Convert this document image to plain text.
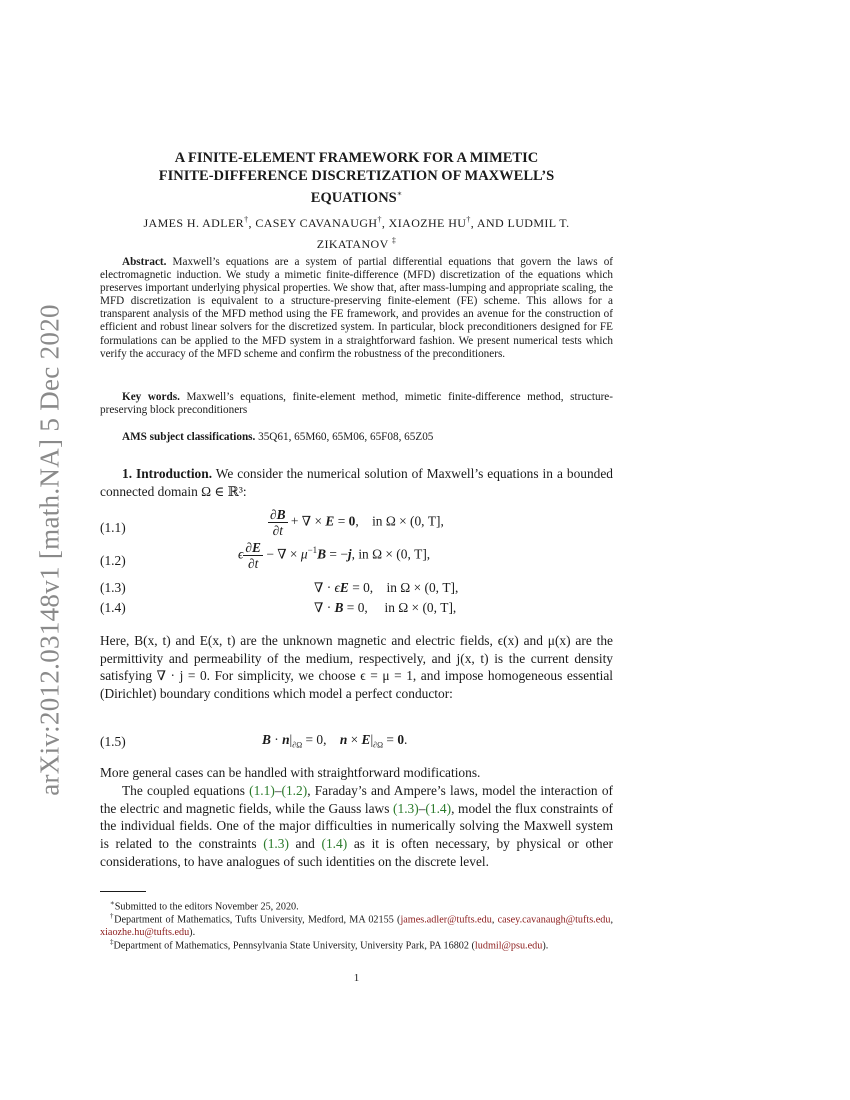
arXiv:2012.03148v1 [math.NA] 5 Dec 2020
A FINITE-ELEMENT FRAMEWORK FOR A MIMETIC
FINITE-DIFFERENCE DISCRETIZATION OF MAXWELL’S
EQUATIONS∗
JAMES H. ADLER†, CASEY CAVANAUGH†, XIAOZHE HU†, AND LUDMIL T.
ZIKATANOV ‡
Abstract. Maxwell’s equations are a system of partial differential equations that govern the laws of electromagnetic induction. We study a mimetic finite-difference (MFD) discretization of the equations which preserves important underlying physical properties. We show that, after mass-lumping and appropriate scaling, the MFD discretization is equivalent to a structure-preserving finite-element (FE) scheme. This allows for a transparent analysis of the MFD method using the FE framework, and provides an avenue for the construction of efficient and robust linear solvers for the discretized system. In particular, block preconditioners designed for FE formulations can be applied to the MFD system in a straightforward fashion. We present numerical tests which verify the accuracy of the MFD scheme and confirm the robustness of the preconditioners.
Key words. Maxwell’s equations, finite-element method, mimetic finite-difference method, structure-preserving block preconditioners
AMS subject classifications. 35Q61, 65M60, 65M06, 65F08, 65Z05
1. Introduction. We consider the numerical solution of Maxwell’s equations in a bounded connected domain Ω ∈ ℝ³:
(1.1)	$\frac{\partial B}{\partial t}$ + ∇ × E = 0,    in Ω × (0, T],
(1.2)	ϵ $\frac{\partial E}{\partial t}$ − ∇ × $\mu^{-1}B = -j$, in Ω × (0, T],
(1.3)	∇ · ϵE = 0,    in Ω × (0, T],
(1.4)	∇ · B = 0,     in Ω × (0, T],
Here, B(x, t) and E(x, t) are the unknown magnetic and electric fields, ϵ(x) and μ(x) are the permittivity and permeability of the medium, respectively, and j(x, t) is the current density satisfying ∇ · j = 0. For simplicity, we choose ϵ = μ = 1, and impose homogeneous essential (Dirichlet) boundary conditions which model a perfect conductor:
(1.5)	$B \cdot n|_{\partial\Omega} = 0$,    $n \times E|_{\partial\Omega} = 0$.
More general cases can be handled with straightforward modifications.
The coupled equations (1.1)–(1.2), Faraday’s and Ampere’s laws, model the interaction of the electric and magnetic fields, while the Gauss laws (1.3)–(1.4), model the flux constraints of the individual fields. One of the major difficulties in numerically solving the Maxwell system is related to the constraints (1.3) and (1.4) as it is often necessary, by physical or other considerations, to have analogues of such identities on the discrete level.
∗Submitted to the editors November 25, 2020.
†Department of Mathematics, Tufts University, Medford, MA 02155 (james.adler@tufts.edu, casey.cavanaugh@tufts.edu, xiaozhe.hu@tufts.edu).
‡Department of Mathematics, Pennsylvania State University, University Park, PA 16802 (ludmil@psu.edu).
1
